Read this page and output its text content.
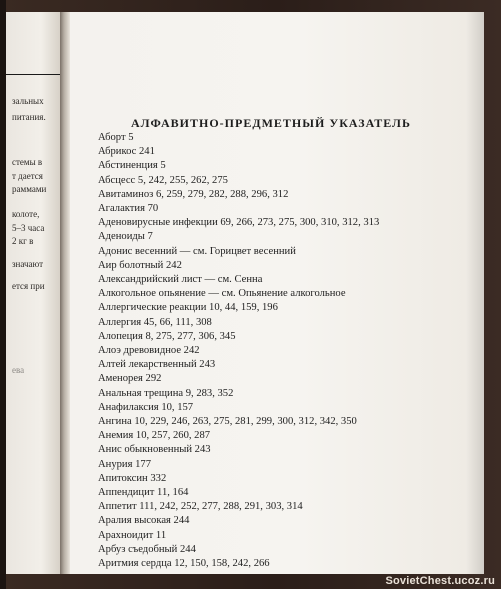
зальных
питания.
стемы в
т дается
раммами
колоте,
5–3 часа
2 кг в
значают
ется при
ева
АЛФАВИТНО-ПРЕДМЕТНЫЙ УКАЗАТЕЛЬ
Аборт 5
Абрикос 241
Абстиненция 5
Абсцесс 5, 242, 255, 262, 275
Авитаминоз 6, 259, 279, 282, 288, 296, 312
Агалактия 70
Аденовирусные инфекции 69, 266, 273, 275, 300, 310, 312, 313
Аденоиды 7
Адонис весенний — см. Горицвет весенний
Аир болотный 242
Александрийский лист — см. Сенна
Алкогольное опьянение — см. Опьянение алкогольное
Аллергические реакции 10, 44, 159, 196
Аллергия 45, 66, 111, 308
Алопеция 8, 275, 277, 306, 345
Алоэ древовидное 242
Алтей лекарственный 243
Аменорея 292
Анальная трещина 9, 283, 352
Анафилаксия 10, 157
Ангина 10, 229, 246, 263, 275, 281, 299, 300, 312, 342, 350
Анемия 10, 257, 260, 287
Анис обыкновенный 243
Анурия 177
Апитоксин 332
Аппендицит 11, 164
Аппетит 111, 242, 252, 277, 288, 291, 303, 314
Аралия высокая 244
Арахноидит 11
Арбуз съедобный 244
Аритмия сердца 12, 150, 158, 242, 266
SovietChest.ucoz.ru
